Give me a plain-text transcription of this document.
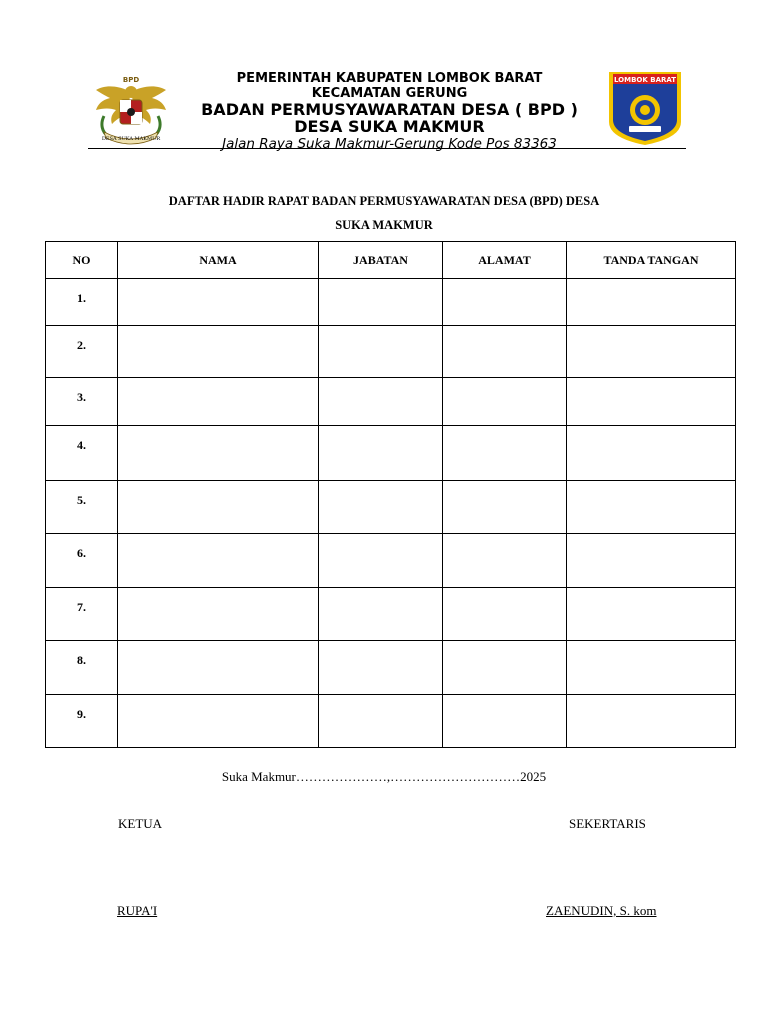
BPD
DESA SUKA MAKMUR
PEMERINTAH KABUPATEN LOMBOK BARAT
KECAMATAN GERUNG
BADAN PERMUSYAWARATAN DESA ( BPD )
DESA SUKA MAKMUR
Jalan Raya Suka Makmur-Gerung Kode Pos 83363
LOMBOK BARAT
DAFTAR HADIR RAPAT BADAN PERMUSYAWARATAN DESA (BPD) DESA
SUKA MAKMUR
NO	NAMA	JABATAN	ALAMAT	TANDA TANGAN
1.				
2.				
3.				
4.				
5.				
6.				
7.				
8.				
9.				
Suka Makmur…………………,…………………………2025
KETUA	SEKERTARIS
RUPA'I	ZAENUDIN, S. kom
